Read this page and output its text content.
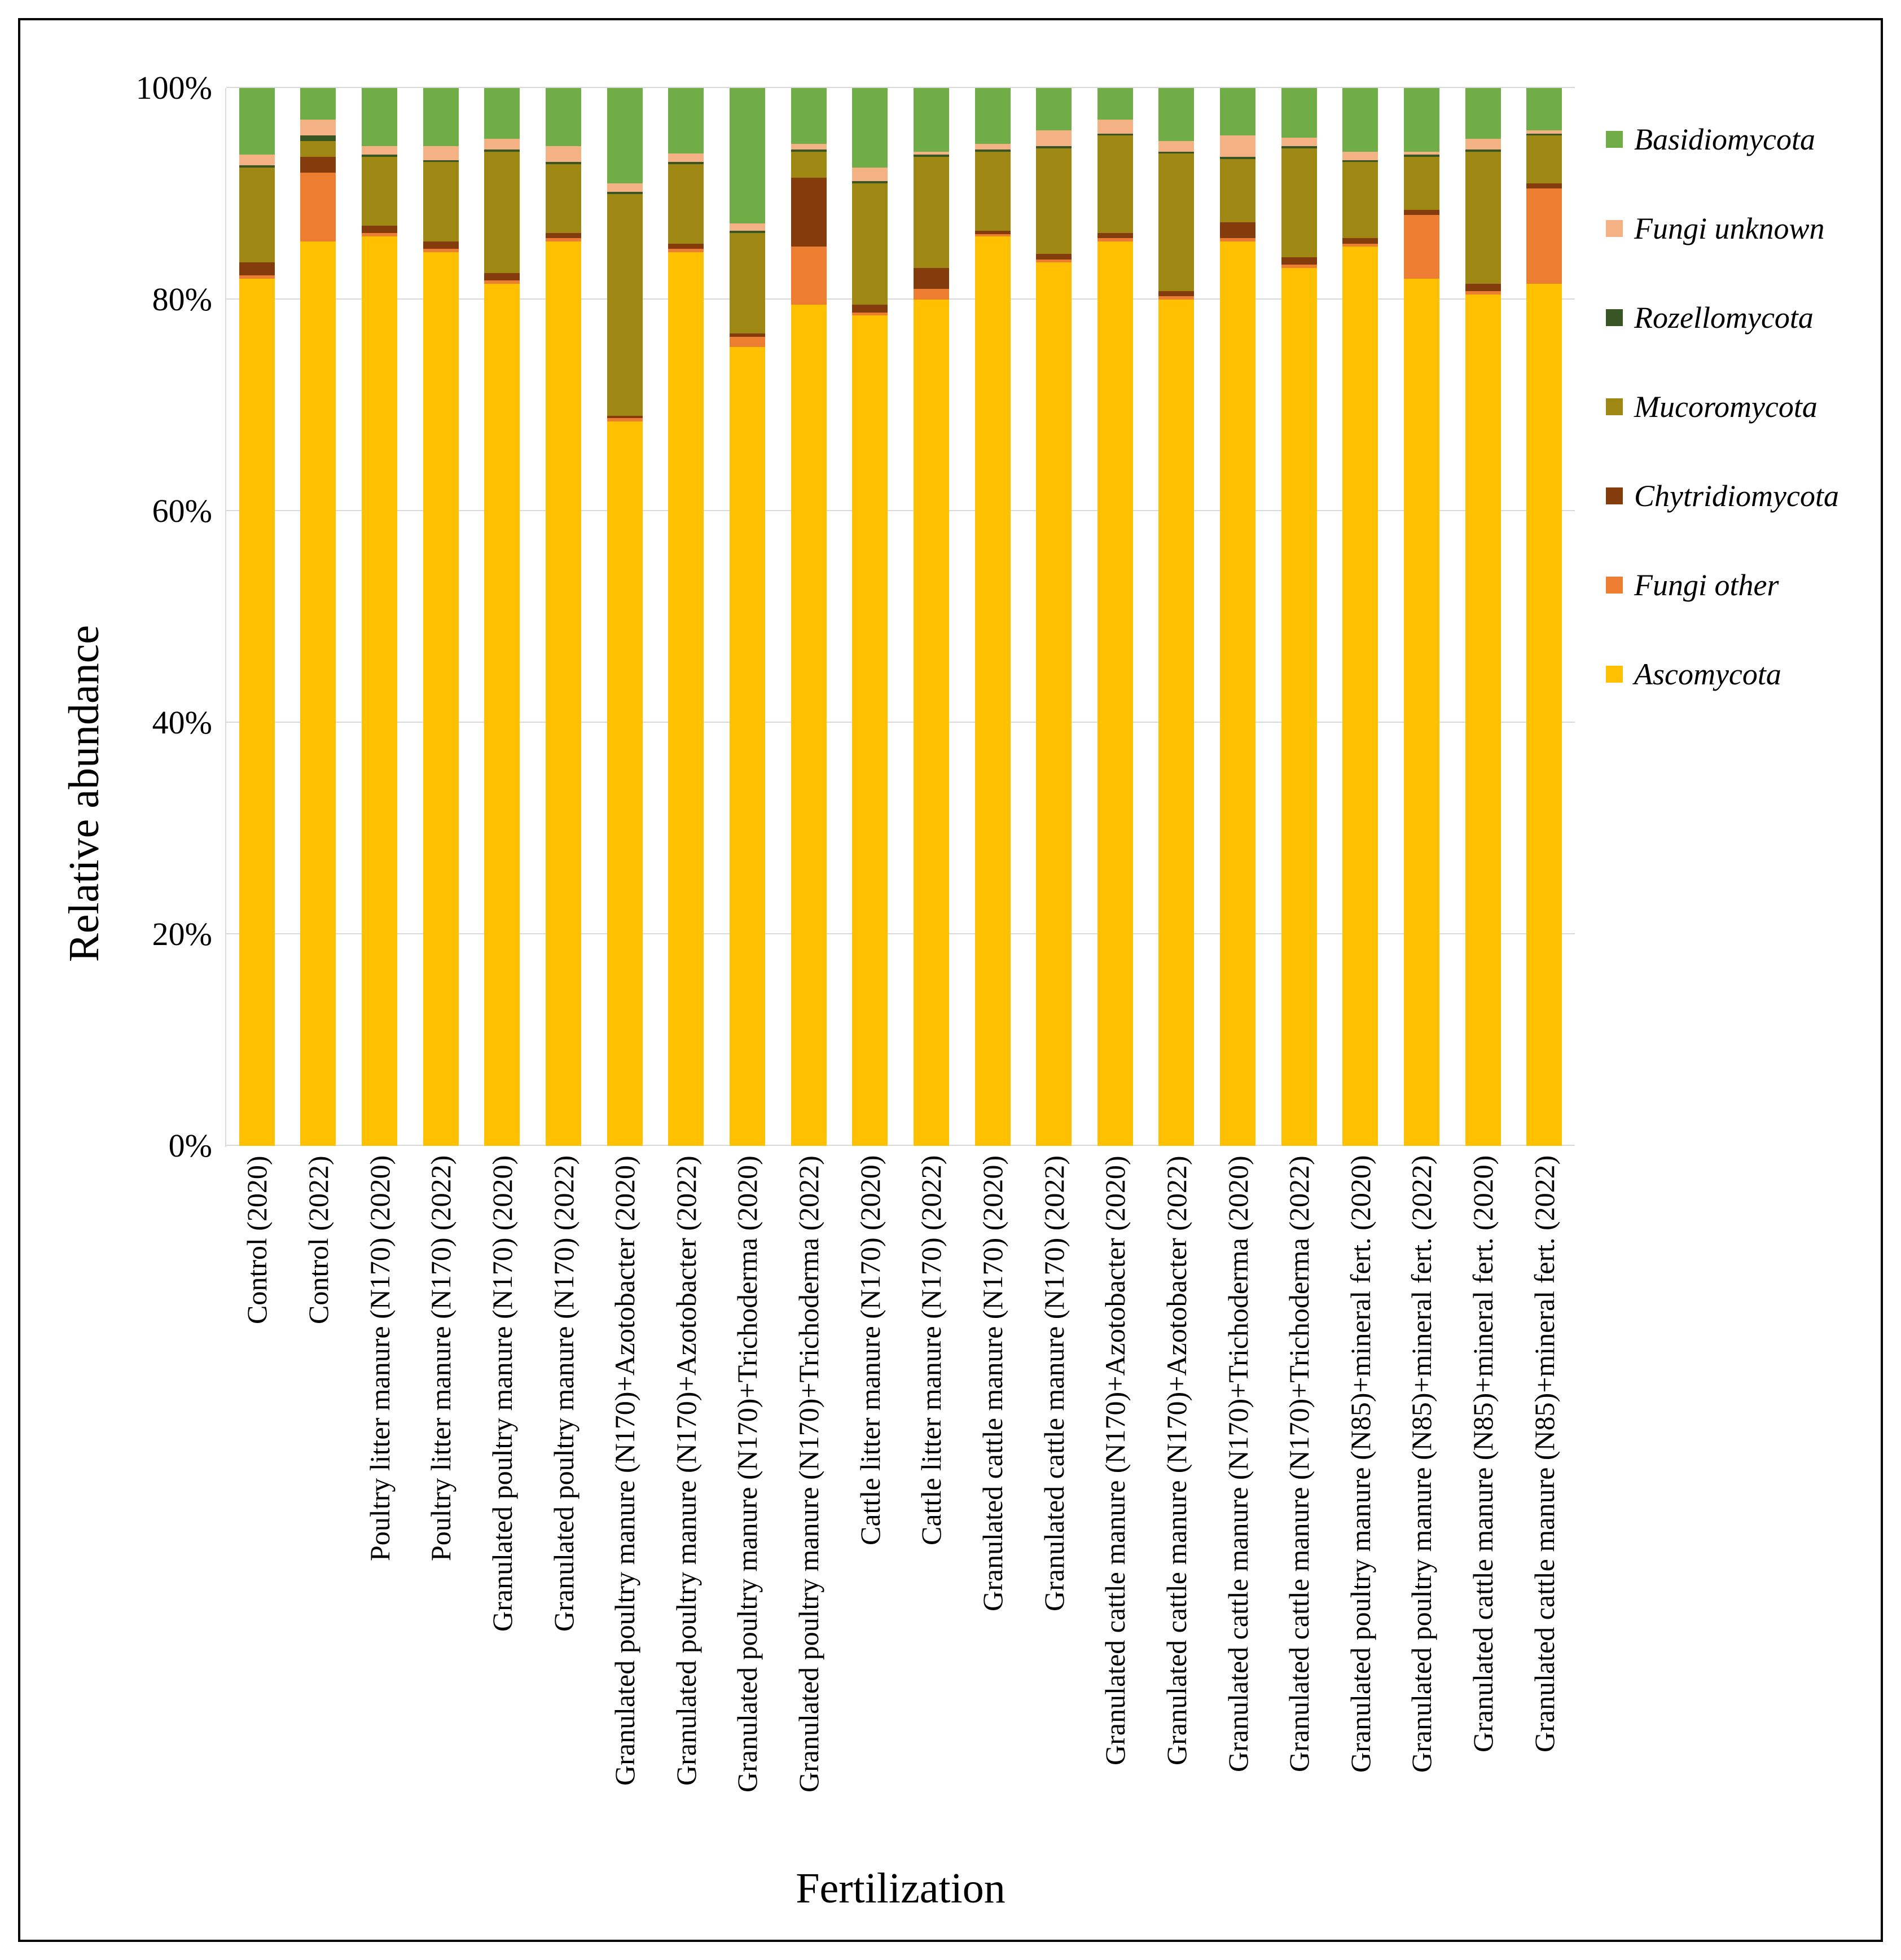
Relative abundance
0%
20%
40%
60%
80%
100%
Control (2020) Control (2022) Poultry litter manure (N170) (2020) Poultry litter manure (N170) (2022) Granulated poultry manure (N170) (2020) Granulated poultry manure (N170) (2022) Granulated poultry manure (N170)+Azotobacter (2020) Granulated poultry manure (N170)+Azotobacter (2022) Granulated poultry manure (N170)+Trichoderma (2020) Granulated poultry manure (N170)+Trichoderma (2022) Cattle litter manure (N170) (2020) Cattle litter manure (N170) (2022) Granulated cattle manure (N170) (2020) Granulated cattle manure (N170) (2022) Granulated cattle manure (N170)+Azotobacter (2020) Granulated cattle manure (N170)+Azotobacter (2022) Granulated cattle manure (N170)+Trichoderma (2020) Granulated cattle manure (N170)+Trichoderma (2022) Granulated poultry manure (N85)+mineral fert. (2020) Granulated poultry manure (N85)+mineral fert. (2022) Granulated cattle manure (N85)+mineral fert. (2020) Granulated cattle manure (N85)+mineral fert. (2022)
Fertilization
Basidiomycota
Fungi unknown
Rozellomycota
Mucoromycota
Chytridiomycota
Fungi other
Ascomycota
